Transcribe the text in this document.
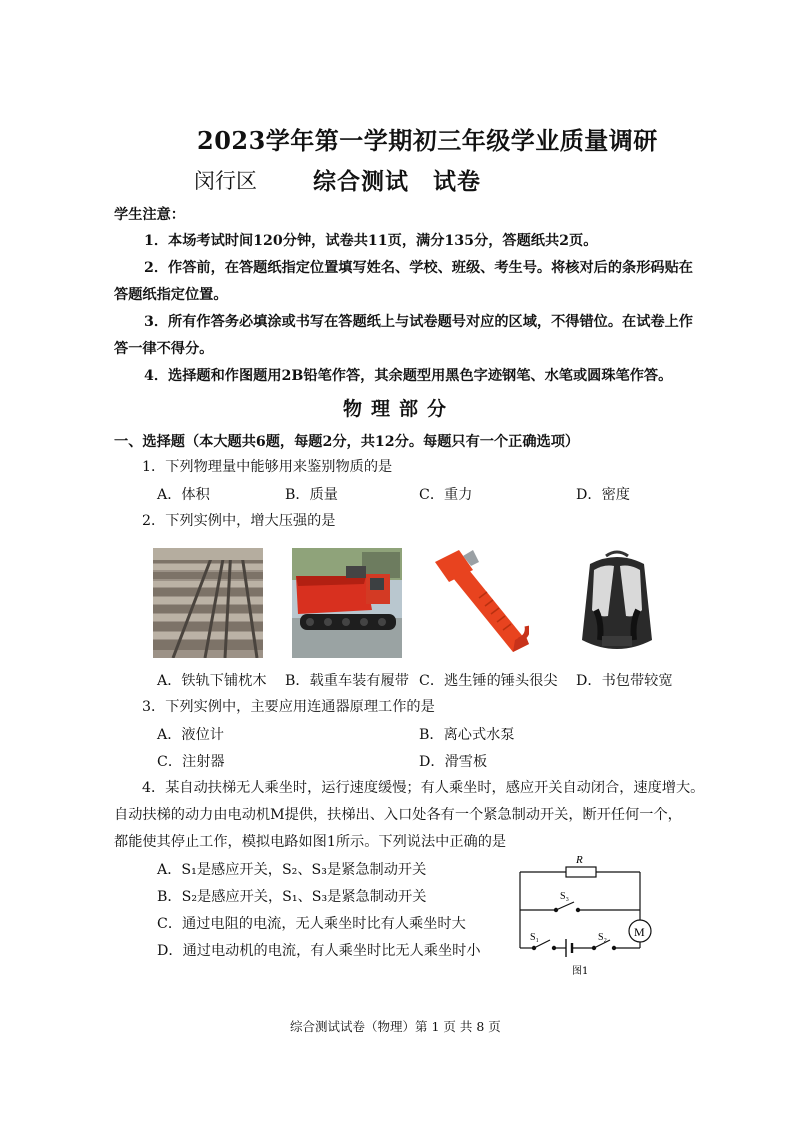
2023学年第一学期初三年级学业质量调研
闵行区 综合测试　试卷
学生注意：
1．本场考试时间120分钟，试卷共11页，满分135分，答题纸共2页。
2．作答前，在答题纸指定位置填写姓名、学校、班级、考生号。将核对后的条形码贴在
答题纸指定位置。
3．所有作答务必填涂或书写在答题纸上与试卷题号对应的区域，不得错位。在试卷上作
答一律不得分。
4．选择题和作图题用2B铅笔作答，其余题型用黑色字迹钢笔、水笔或圆珠笔作答。
物理部分
一、选择题（本大题共6题，每题2分，共12分。每题只有一个正确选项）
1．下列物理量中能够用来鉴别物质的是
A．体积	B．质量	C．重力	D．密度
2．下列实例中，增大压强的是
A．铁轨下铺枕木 B．载重车装有履带 C．逃生锤的锤头很尖 D．书包带较宽
3．下列实例中，主要应用连通器原理工作的是
A．液位计	B．离心式水泵
C．注射器	D．滑雪板
4．某自动扶梯无人乘坐时，运行速度缓慢；有人乘坐时，感应开关自动闭合，速度增大。
自动扶梯的动力由电动机M提供，扶梯出、入口处各有一个紧急制动开关，断开任何一个，
都能使其停止工作，模拟电路如图1所示。下列说法中正确的是
A．S₁是感应开关，S₂、S₃是紧急制动开关
B．S₂是感应开关，S₁、S₃是紧急制动开关
C．通过电阻的电流，无人乘坐时比有人乘坐时大
D．通过电动机的电流，有人乘坐时比无人乘坐时小
R
S₃
S₁	S₂ M
图1
综合测试试卷（物理）第 1 页 共 8 页
